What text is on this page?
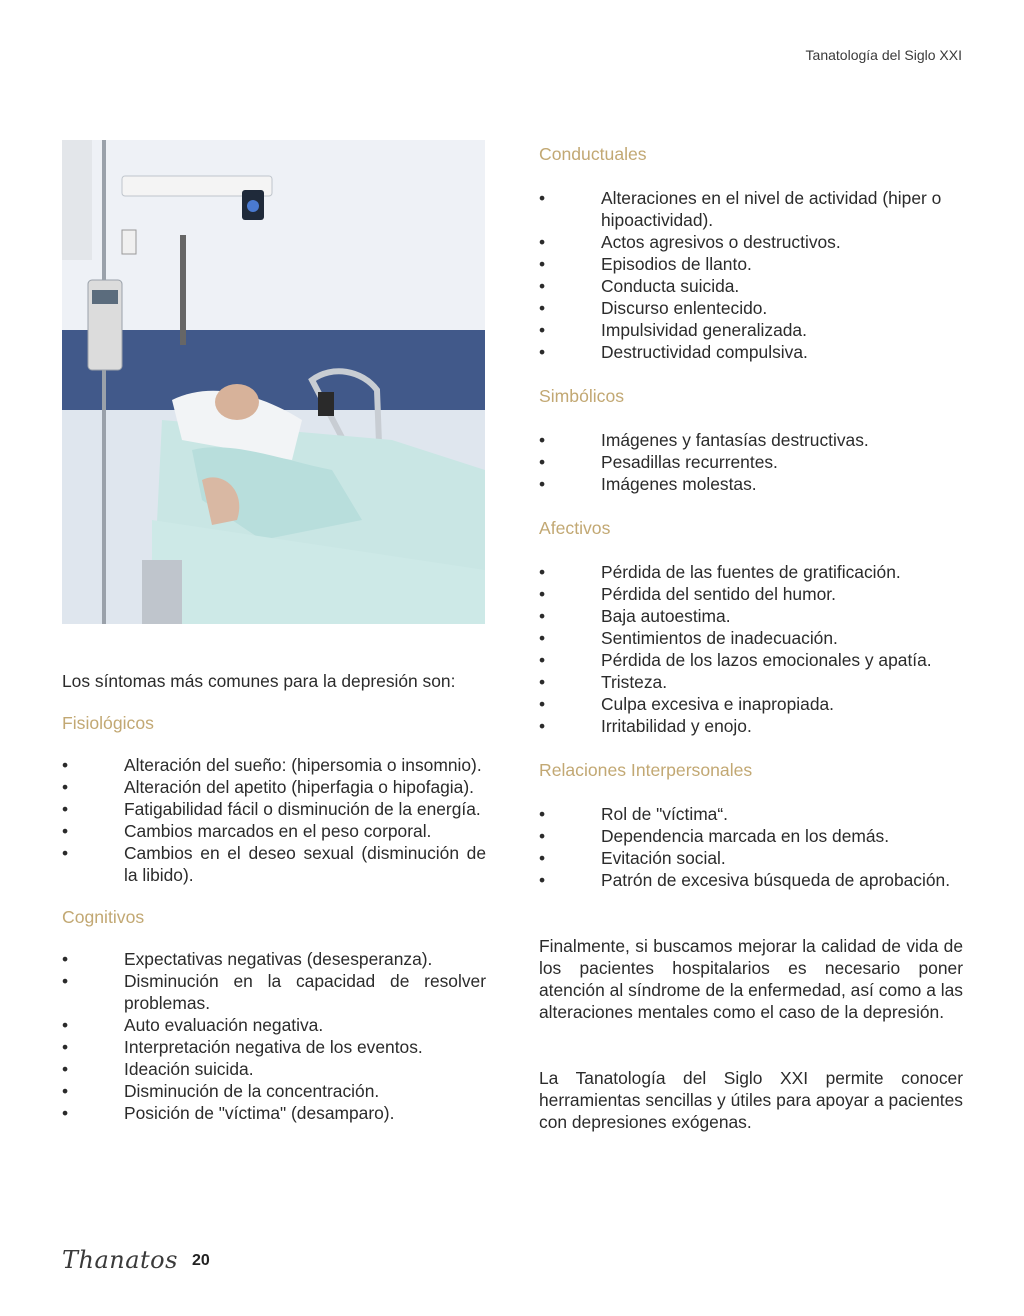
Tanatología del Siglo XXI

Los síntomas más comunes para la depresión son:

Fisiológicos
•	Alteración del sueño: (hipersomia o insomnio).
•	Alteración del apetito (hiperfagia o hipofagia).
•	Fatigabilidad fácil o disminución de la energía.
•	Cambios marcados en el peso corporal.
•	Cambios en el deseo sexual (disminución de la libido).
Cognitivos
•	Expectativas negativas (desesperanza).
•	Disminución en la capacidad de resolver problemas.
•	Auto evaluación negativa.
•	Interpretación negativa de los eventos.
•	Ideación suicida.
•	Disminución de la concentración.
•	Posición de "víctima" (desamparo).
Conductuales
•	Alteraciones en el nivel de actividad (hiper o hipoactividad).
•	Actos agresivos o destructivos.
•	Episodios de llanto.
•	Conducta suicida.
•	Discurso enlentecido.
•	Impulsividad generalizada.
•	Destructividad compulsiva.
Simbólicos
•	Imágenes y fantasías destructivas.
•	Pesadillas recurrentes.
•	Imágenes molestas.
Afectivos
•	Pérdida de las fuentes de gratificación.
•	Pérdida del sentido del humor.
•	Baja autoestima.
•	Sentimientos de inadecuación.
•	Pérdida de los lazos emocionales y apatía.
•	Tristeza.
•	Culpa excesiva e inapropiada.
•	Irritabilidad y enojo.
Relaciones Interpersonales
•	Rol de "víctima“.
•	Dependencia marcada en los demás.
•	Evitación social.
•	Patrón de excesiva búsqueda de aprobación.

Finalmente, si buscamos mejorar la calidad de vida de los pacientes hospitalarios es necesario poner atención al síndrome de la enfermedad, así como a las alteraciones mentales como el caso de la depresión.

La Tanatología del Siglo XXI permite conocer herramientas sencillas y útiles para apoyar a pacientes con depresiones exógenas.

Thanatos 20
